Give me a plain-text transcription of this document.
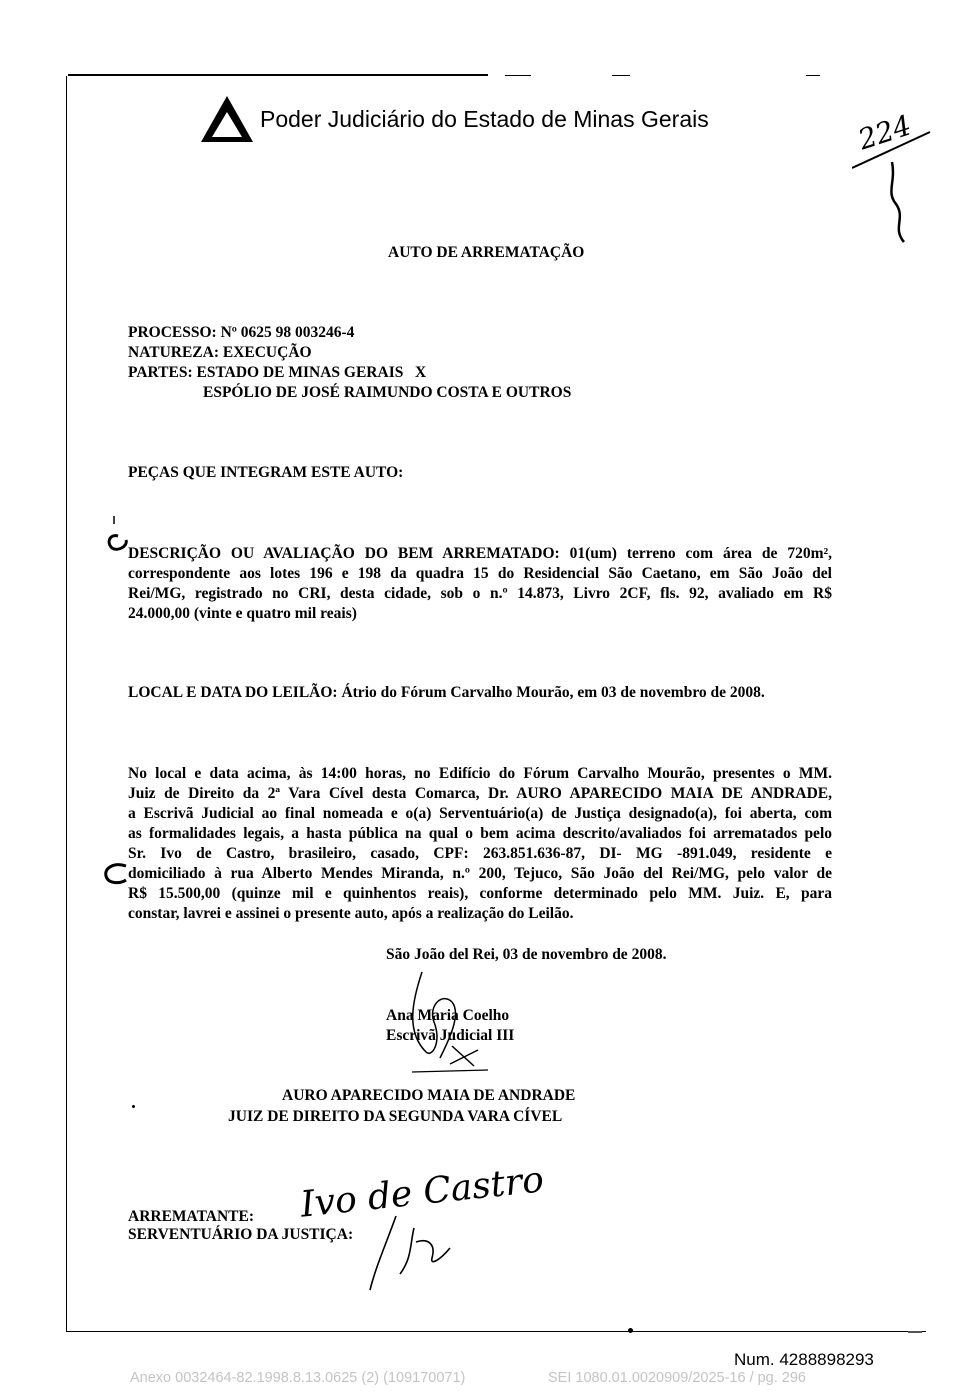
Poder Judiciário do Estado de Minas Gerais	224
AUTO DE ARREMATAÇÃO
PROCESSO: Nº 0625 98 003246-4
NATUREZA: EXECUÇÃO
PARTES: ESTADO DE MINAS GERAIS   X
ESPÓLIO DE JOSÉ RAIMUNDO COSTA E OUTROS
PEÇAS QUE INTEGRAM ESTE AUTO:
DESCRIÇÃO OU AVALIAÇÃO DO BEM ARREMATADO: 01(um) terreno com área de 720m²,
correspondente aos lotes 196 e 198 da quadra 15 do Residencial São Caetano, em São João del
Rei/MG, registrado no CRI, desta cidade, sob o n.º 14.873, Livro 2CF, fls. 92, avaliado em R$
24.000,00 (vinte e quatro mil reais)
LOCAL E DATA DO LEILÃO: Átrio do Fórum Carvalho Mourão, em 03 de novembro de 2008.
No local e data acima, às 14:00 horas, no Edifício do Fórum Carvalho Mourão, presentes o MM.
Juiz de Direito da 2ª Vara Cível desta Comarca, Dr. AURO APARECIDO MAIA DE ANDRADE,
a Escrivã Judicial ao final nomeada e o(a) Serventuário(a) de Justiça designado(a), foi aberta, com
as formalidades legais, a hasta pública na qual o bem acima descrito/avaliados foi arrematados pelo
Sr. Ivo de Castro, brasileiro, casado, CPF: 263.851.636-87, DI- MG -891.049, residente e
domiciliado à rua Alberto Mendes Miranda, n.º 200, Tejuco, São João del Rei/MG, pelo valor de
R$ 15.500,00 (quinze mil e quinhentos reais), conforme determinado pelo MM. Juiz. E, para
constar, lavrei e assinei o presente auto, após a realização do Leilão.
São João del Rei, 03 de novembro de 2008.
Ana Maria Coelho
Escrivã Judicial III
AURO APARECIDO MAIA DE ANDRADE
JUIZ DE DIREITO DA SEGUNDA VARA CÍVEL
ARREMATANTE:
SERVENTUÁRIO DA JUSTIÇA:
Ivo de Castro
Num. 4288898293
Anexo 0032464-82.1998.8.13.0625 (2) (109170071)	SEI 1080.01.0020909/2025-16 / pg. 296
